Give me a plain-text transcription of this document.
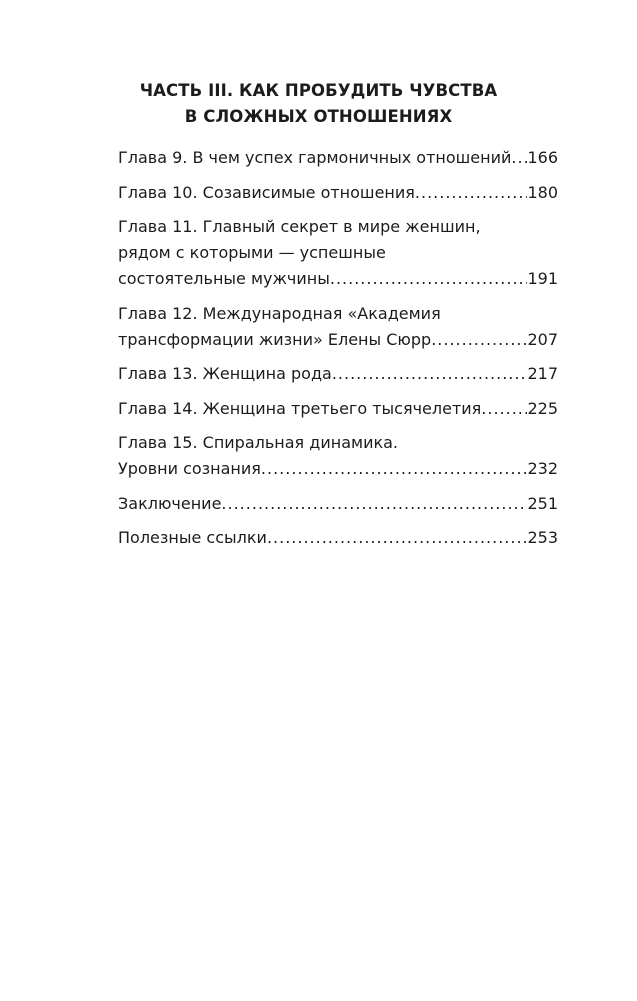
ЧАСТЬ III. КАК ПРОБУДИТЬ ЧУВСТВА
В СЛОЖНЫХ ОТНОШЕНИЯХ
Глава 9. В чем успех гармоничных отношений ..... 166
Глава 10. Созависимые отношения .....	180
Глава 11. Главный секрет в мире женшин,
рядом с которыми — успешные
состоятельные мужчины .....	191
Глава 12. Международная «Академия
трансформации жизни» Елены Сюрр .....	207
Глава 13. Женщина рода .....	217
Глава 14. Женщина третьего тысячелетия .....	225
Глава 15. Спиральная динамика.
Уровни сознания .....	232
Заключение .....	251
Полезные ссылки .....	253
